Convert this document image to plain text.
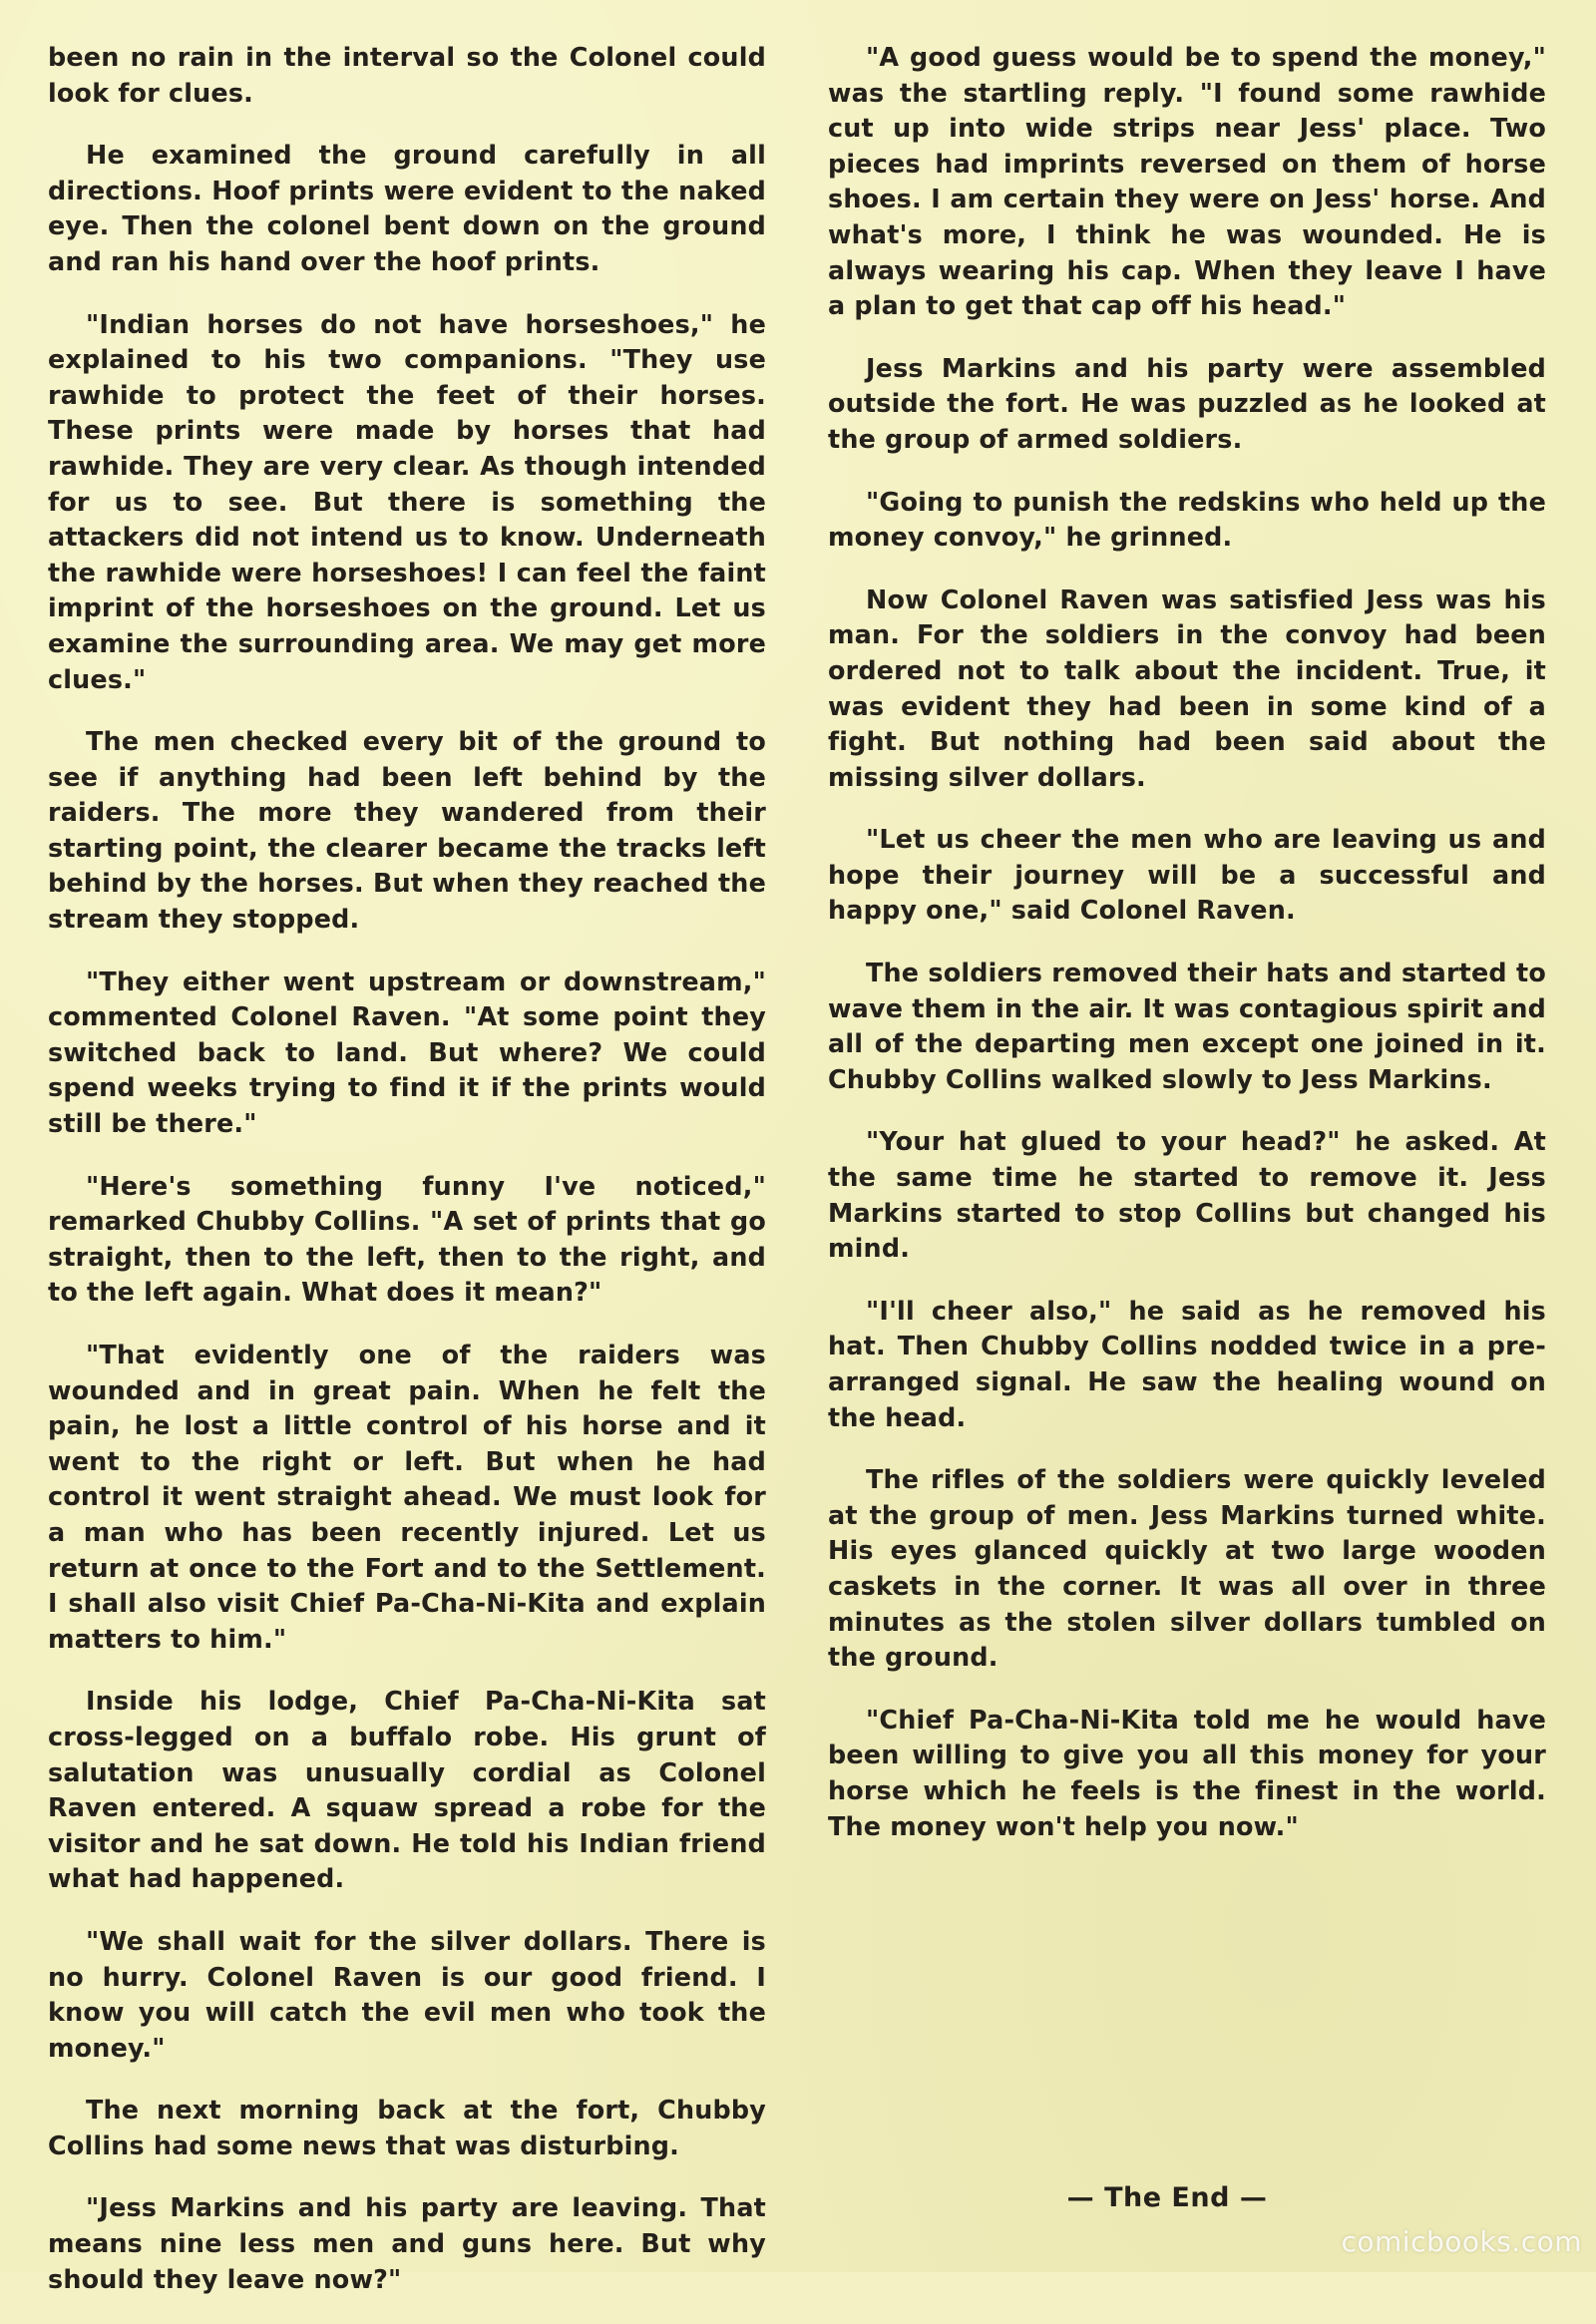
been no rain in the interval so the Colonel could look for clues.

He examined the ground carefully in all directions. Hoof prints were evident to the naked eye. Then the colonel bent down on the ground and ran his hand over the hoof prints.

"Indian horses do not have horseshoes," he explained to his two companions. "They use rawhide to protect the feet of their horses. These prints were made by horses that had rawhide. They are very clear. As though intended for us to see. But there is something the attackers did not intend us to know. Underneath the rawhide were horseshoes! I can feel the faint imprint of the horseshoes on the ground. Let us examine the surrounding area. We may get more clues."

The men checked every bit of the ground to see if anything had been left behind by the raiders. The more they wandered from their starting point, the clearer became the tracks left behind by the horses. But when they reached the stream they stopped.

"They either went upstream or downstream," commented Colonel Raven. "At some point they switched back to land. But where? We could spend weeks trying to find it if the prints would still be there."

"Here's something funny I've noticed," remarked Chubby Collins. "A set of prints that go straight, then to the left, then to the right, and to the left again. What does it mean?"

"That evidently one of the raiders was wounded and in great pain. When he felt the pain, he lost a little control of his horse and it went to the right or left. But when he had control it went straight ahead. We must look for a man who has been recently injured. Let us return at once to the Fort and to the Settlement. I shall also visit Chief Pa-Cha-Ni-Kita and explain matters to him."

Inside his lodge, Chief Pa-Cha-Ni-Kita sat cross-legged on a buffalo robe. His grunt of salutation was unusually cordial as Colonel Raven entered. A squaw spread a robe for the visitor and he sat down. He told his Indian friend what had happened.

"We shall wait for the silver dollars. There is no hurry. Colonel Raven is our good friend. I know you will catch the evil men who took the money."

The next morning back at the fort, Chubby Collins had some news that was disturbing.

"Jess Markins and his party are leaving. That means nine less men and guns here. But why should they leave now?"

"A good guess would be to spend the money," was the startling reply. "I found some rawhide cut up into wide strips near Jess' place. Two pieces had imprints reversed on them of horse shoes. I am certain they were on Jess' horse. And what's more, I think he was wounded. He is always wearing his cap. When they leave I have a plan to get that cap off his head."

Jess Markins and his party were assembled outside the fort. He was puzzled as he looked at the group of armed soldiers.

"Going to punish the redskins who held up the money convoy," he grinned.

Now Colonel Raven was satisfied Jess was his man. For the soldiers in the convoy had been ordered not to talk about the incident. True, it was evident they had been in some kind of a fight. But nothing had been said about the missing silver dollars.

"Let us cheer the men who are leaving us and hope their journey will be a successful and happy one," said Colonel Raven.

The soldiers removed their hats and started to wave them in the air. It was contagious spirit and all of the departing men except one joined in it. Chubby Collins walked slowly to Jess Markins.

"Your hat glued to your head?" he asked. At the same time he started to remove it. Jess Markins started to stop Collins but changed his mind.

"I'll cheer also," he said as he removed his hat. Then Chubby Collins nodded twice in a pre-arranged signal. He saw the healing wound on the head.

The rifles of the soldiers were quickly leveled at the group of men. Jess Markins turned white. His eyes glanced quickly at two large wooden caskets in the corner. It was all over in three minutes as the stolen silver dollars tumbled on the ground.

"Chief Pa-Cha-Ni-Kita told me he would have been willing to give you all this money for your horse which he feels is the finest in the world. The money won't help you now."

— The End —
comicbooks.com
